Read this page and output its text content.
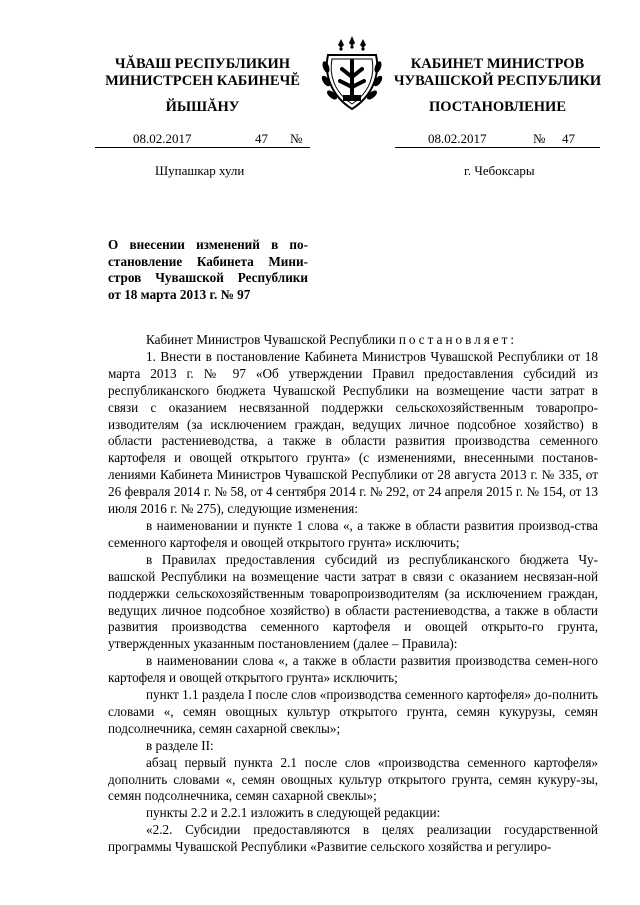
ЧĂВАШ РЕСПУБЛИКИН
МИНИСТРСЕН КАБИНЕЧĔ
ЙЫШĂНУ
КАБИНЕТ МИНИСТРОВ
ЧУВАШСКОЙ РЕСПУБЛИКИ
ПОСТАНОВЛЕНИЕ
08.02.2017	47 №	08.02.2017	№ 47
Шупашкар хули	г. Чебоксары
О внесении изменений в по-
становление Кабинета Мини-
стров Чувашской Республики
от 18 марта 2013 г. № 97

Кабинет Министров Чувашской Республики постановляет:

1. Внести в постановление Кабинета Министров Чувашской Республики от 18 марта 2013 г. № 97 «Об утверждении Правил предоставления субсидий из республиканского бюджета Чувашской Республики на возмещение части затрат в связи с оказанием несвязанной поддержки сельскохозяйственным товаропро-изводителям (за исключением граждан, ведущих личное подсобное хозяйство) в области растениеводства, а также в области развития производства семенного картофеля и овощей открытого грунта» (с изменениями, внесенными постанов-лениями Кабинета Министров Чувашской Республики от 28 августа 2013 г. № 335, от 26 февраля 2014 г. № 58, от 4 сентября 2014 г. № 292, от 24 апреля 2015 г. № 154, от 13 июля 2016 г. № 275), следующие изменения:

в наименовании и пункте 1 слова «, а также в области развития производ-ства семенного картофеля и овощей открытого грунта» исключить;

в Правилах предоставления субсидий из республиканского бюджета Чу-вашской Республики на возмещение части затрат в связи с оказанием несвязан-ной поддержки сельскохозяйственным товаропроизводителям (за исключением граждан, ведущих личное подсобное хозяйство) в области растениеводства, а также в области развития производства семенного картофеля и овощей открыто-го грунта, утвержденных указанным постановлением (далее – Правила):

в наименовании слова «, а также в области развития производства семен-ного картофеля и овощей открытого грунта» исключить;

пункт 1.1 раздела I после слов «производства семенного картофеля» до-полнить словами «, семян овощных культур открытого грунта, семян кукурузы, семян подсолнечника, семян сахарной свеклы»;

в разделе II:

абзац первый пункта 2.1 после слов «производства семенного картофеля» дополнить словами «, семян овощных культур открытого грунта, семян кукуру-зы, семян подсолнечника, семян сахарной свеклы»;

пункты 2.2 и 2.2.1 изложить в следующей редакции:

«2.2. Субсидии предоставляются в целях реализации государственной программы Чувашской Республики «Развитие сельского хозяйства и регулиро-
